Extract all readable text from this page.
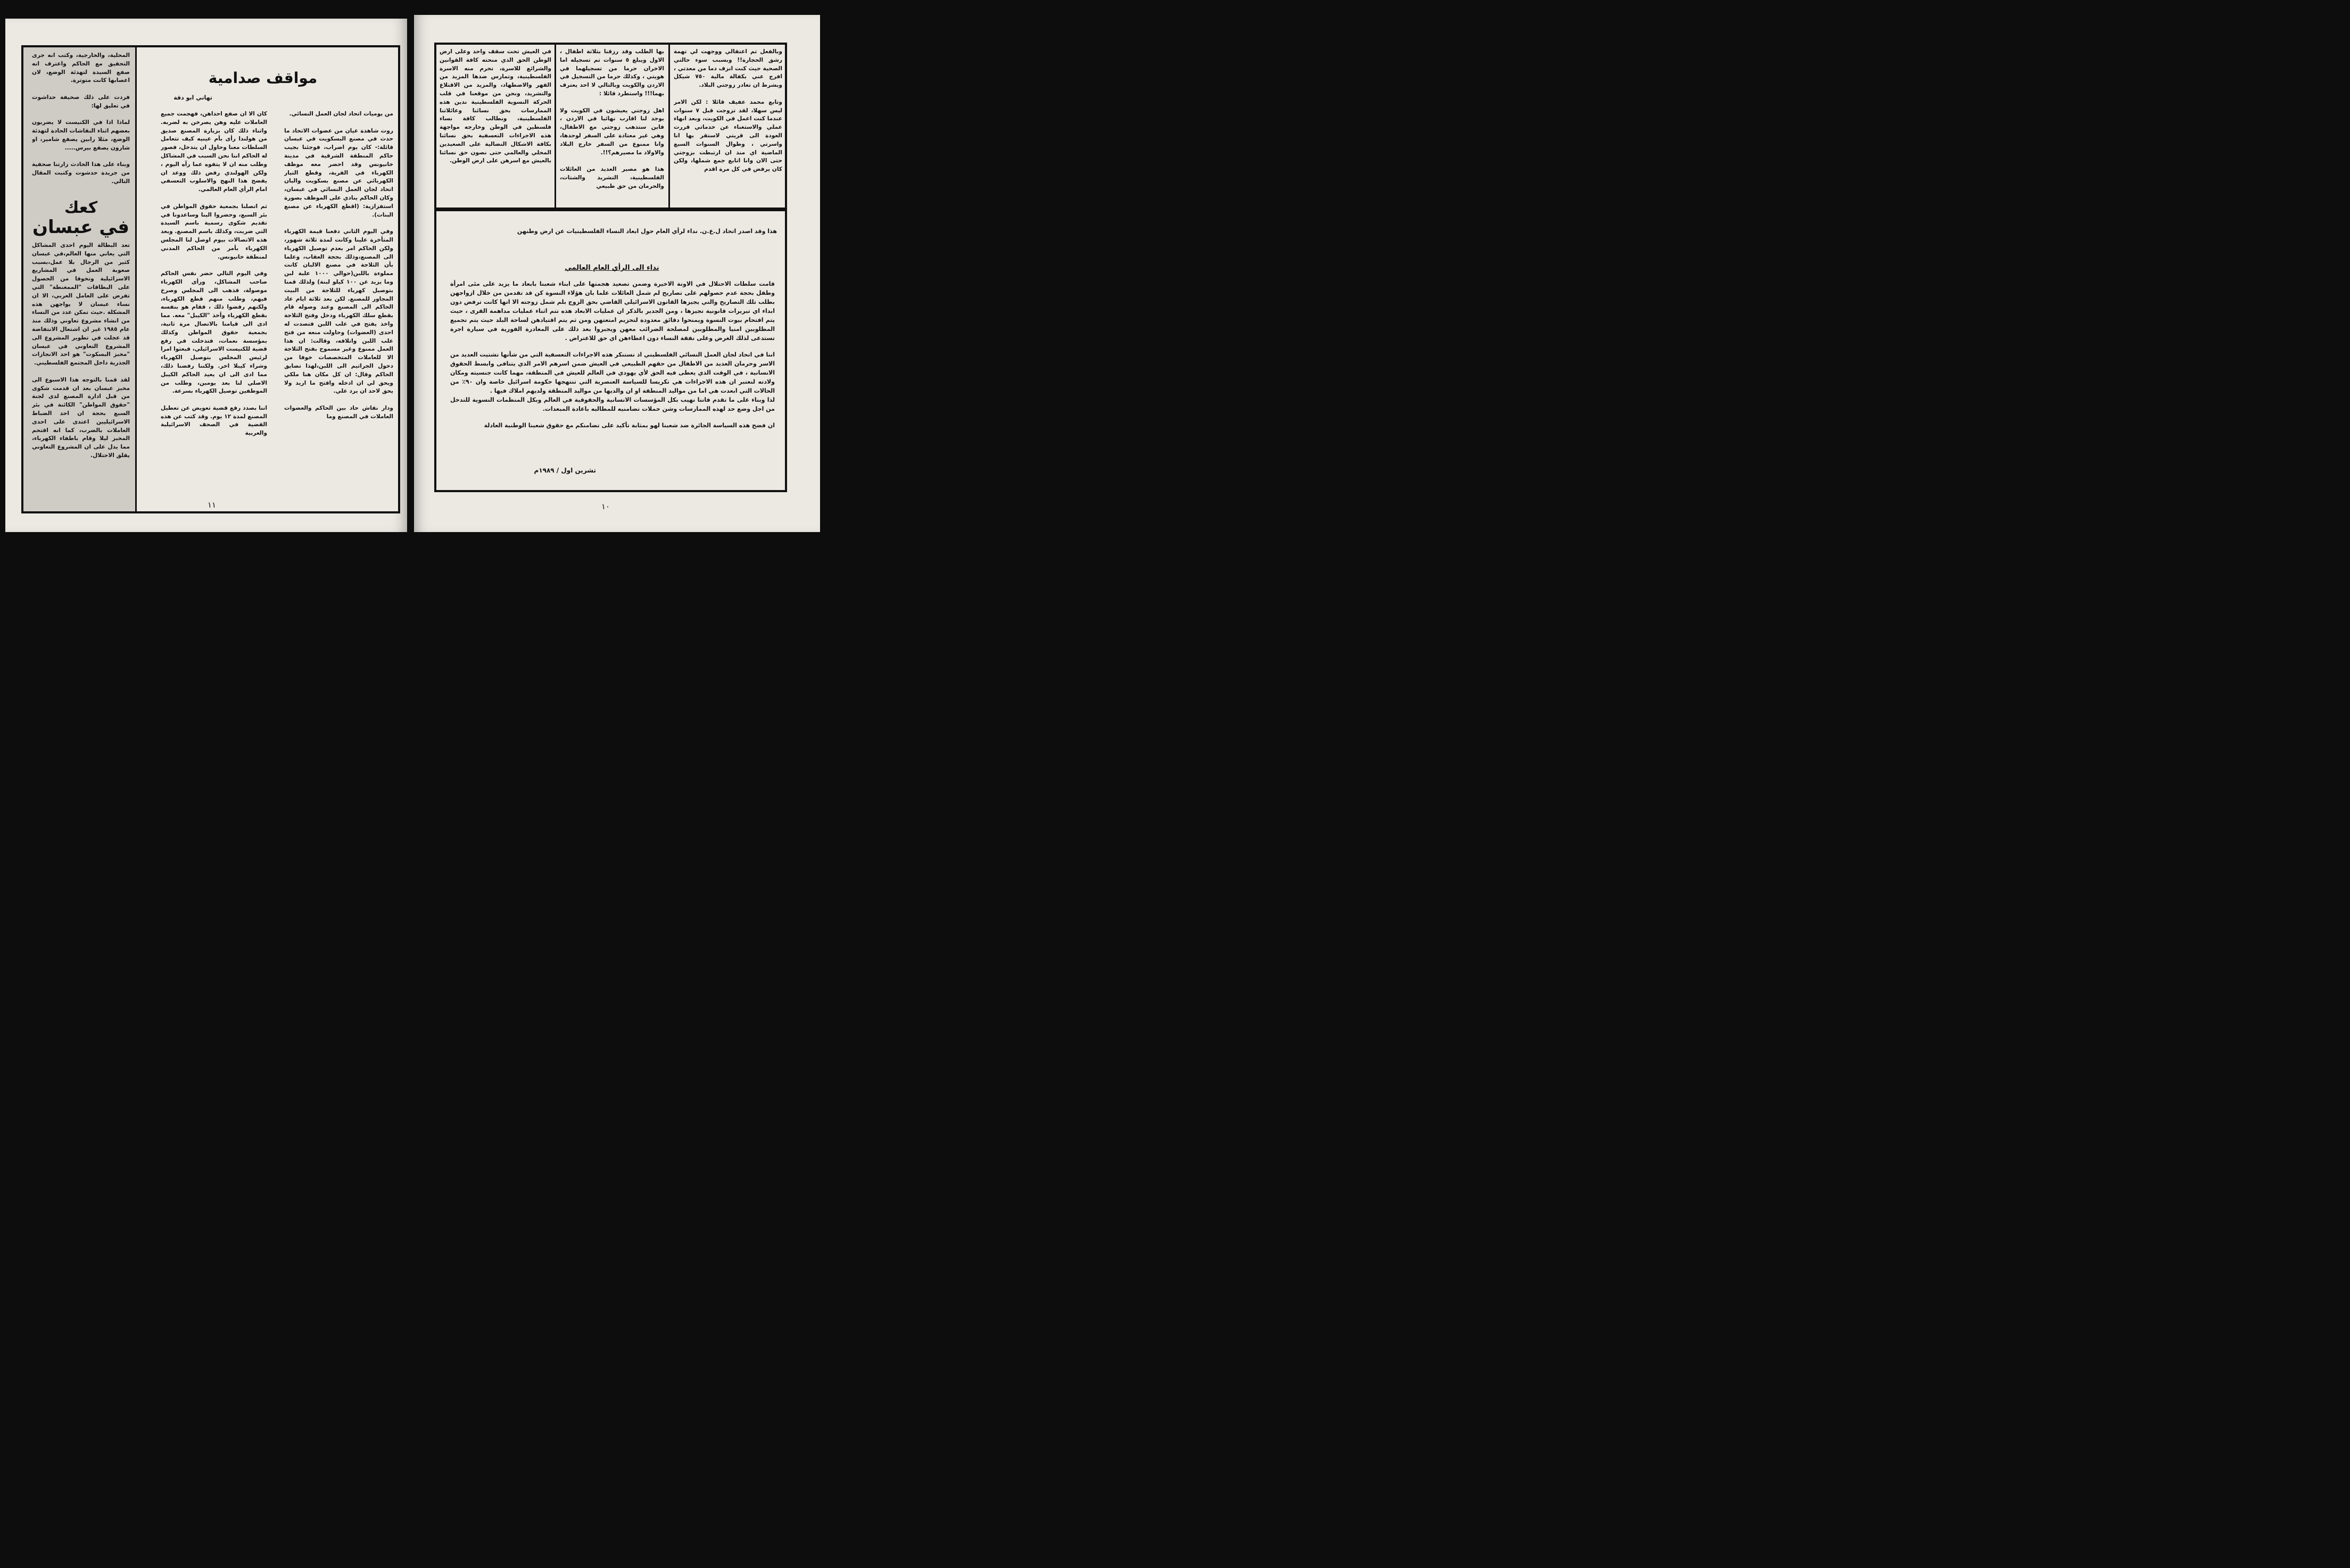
المحلية، والخارجية، وكتب انه جرى التحقيق مع الحاكم واعترف انه صفع السيدة لتهدئة الوضع، لان اعصابها كانت متوترة.

فردت على ذلك صحيفة حداشوت في تعليق لها:

لماذا اذا في الكنيست لا يضربون بعضهم اثناء النقاشات الحادة لتهدئة الوضع، مثلا رابين يصفع شامير، او شارون يصفع بيرس.....

وبناء على هذا الحادث زارتنا صحفية من جريدة حدشوت وكتبت المقال التالي.
كعك
في عبسان
تعد البطالة اليوم احدى المشاكل التي يعاني منها العالم،في عبسان كثير من الرجال بلا عمل،بسبب صعوبة العمل في المشاريع الاسرائيلية وتخوفا من الحصول على البطاقات "الممغنطة" التي تفرض على العامل العربي، الا ان نساء عبسان لا يواجهن هذه المشكلة .حيث تمكن عدد من النساء من انشاء مشروع تعاوني وذلك منذ عام ١٩٨٥ غير ان اشتعال الانتفاضة قد عجلت في تطوير المشروع الى المشروع التعاوني في عبسان "مخبز البسكوت" هو احد الانجازات الجذرية داخل المجتمع الفلسطيني.

لقد قمنا بالتوجه هذا الاسبوع الى مخبز عبسان بعد ان قدمت شكوى من قبل ادارة المصنع لدى لجنة "حقوق المواطن" الكائنة في بئر السبع بحجة ان احد الضباط الاسرائيليين اعتدى على احدى العاملات بالضرب، كما انه اقتحم المخبز ليلا وقام باطفاء الكهرباء، مما يدل على ان المشروع التعاوني يقلق الاحتلال.
مواقف صدامية
تهاني ابو دقة
كان الا ان صفع احداهن، فهجمت جميع العاملات عليه وهن يصرخن به لضربه. واثناء ذلك كان بزيارة المصنع صديق من هولندا رأى بأم عينيه كيف تتعامل السلطات معنا وحاول ان يتدخل، فصور له الحاكم اننا نحن السبب في المشاكل وطلب منه ان لا يتفوه عما رآه اليوم ، ولكن الهولندي رفض ذلك ووعد ان يفضح هذا النهج والاسلوب التعسفي امام الرأي العام العالمي.

ثم اتصلنا بجمعية حقوق المواطن في بئر السبع، وحضروا الينا وساعدونا في تقديم شكوى رسمية باسم السيدة التي ضربت، وكذلك باسم المصنع. وبعد هذه الاتصالات بيوم اوصل لنا المجلس الكهرباء بأمر من الحاكم المدني لمنطقة خانيونس.

وفي اليوم التالي حضر نفس الحاكم صاحب المشاكل، ورأى الكهرباء موصولة، فذهب الى المجلس وصرخ فيهم، وطلب منهم قطع الكهرباء، ولكنهم رفضوا ذلك ، فقام هو بنفسه بقطع الكهرباء وأخذ "الكيبل" معه. مما ادى الى قيامنا بالاتصال مرة ثانية، بجمعية حقوق المواطن وكذلك بمؤسسة نعمات، فتدخلت في رفع قضية للكنيست الاسرائيلي، فبعثوا امرا لرئيس المجلس بتوصيل الكهرباء وشراء كيبلا اخر. ولكننا رفضنا ذلك، مما ادى الى ان يعيد الحاكم الكيبل الاصلي لنا بعد يومين، وطلب من الموظفين توصيل الكهرباء بسرعة.

اننا بصدد رفع قضية تعويض عن تعطيل المصنع لمدة ١٢ يوم. وقد كتب عن هذه القضية في الصحف الاسرائيلية والعربية
من يوميات اتحاد لجان العمل النسائي.

روت شاهدة عيان من عضوات الاتحاد ما حدث في مصنع البسكويت في عبسان قائلة:- كان يوم اضراب، فوجئنا بجيب حاكم المنطقة الشرقية في مدينة خانيونس وقد احضر معه موظف الكهرباء في القرية، وقطع التيار الكهربائي عن مصنع بسكويت والبان اتحاد لجان العمل النسائي في عبسان، وكان الحاكم ينادي على الموظف بصورة استفزازية: (اقطع الكهرباء عن مصنع البنات).

وفي اليوم الثاني دفعنا قيمة الكهرباء المتأخرة علينا وكانت لمدة ثلاثة شهور، ولكن الحاكم امر بعدم توصيل الكهرباء الى المصنع،وذلك بحجة العقاب، وعلما بأن الثلاجة في مصنع الالبان كانت مملوءة باللبن(حوالي ١٠٠٠ علبة لبن وما يزيد عن ١٠٠ كيلو لبنة) ولذلك قمنا بتوصيل كهرباء للثلاجة من البيت المجاور للمصنع. لكن بعد ثلاثة ايام عاد الحاكم الى المصنع وعند وصوله قام بقطع سلك الكهرباء ودخل وفتح الثلاجة واخذ يفتح في علب اللبن فتصدت له احدى (العضوات) وحاولت منعه من فتح علب اللبن واتلافه، وقالت: ان هذا العمل ممنوع وغير مسموح بفتح الثلاجة الا للعاملات المتخصصات خوفا من دخول الجراثيم الى اللبن،لهذا تضايق الحاكم وقال: ان كل مكان هنا ملكي ويحق لي ان ادخله وافتح ما اريد ولا يحق لاحد ان يرد علي.

ودار نقاش حاد بين الحاكم والعضوات العاملات في المصنع وما
١١
في العيش تحت سقف واحد وعلى ارض الوطن الحق الذي منحته كافة القوانين والشرائع للاسرة، تحرم منه الاسرة الفلسطينية، وتمارس ضدها المزيد من القهر والاضطهاد، والمزيد من الاقتلاع والتشريد، ونحن من موقعنا في قلب الحركة النسوية الفلسطينية ندين هذه الممارسات بحق نسائنا وعائلاتنا الفلسطينية، ونطالب كافة نساء فلسطين في الوطن وخارجه مواجهة هذه الاجراءات التعسفية بحق نسائنا بكافة الاشكال النضالية على الصعيدين المحلي والعالمي حتى نصون حق نسائنا بالعيش مع اسرهن على ارض الوطن.
بها الطلب وقد رزقنا بثلاثة اطفال ، الاول ويبلغ ٥ سنوات تم تسجيله اما الاخران حرما من تسجيلهما في هويتي ، وكذلك حرما من التسجيل في الاردن والكويت وبالتالي لا احد يعترف بهما!!! واستطرد قائلا :

اهل زوجتي يعيشون في الكويت ولا يوجد لنا اقارب نهائيا في الاردن ، فاين ستذهب زوجتي مع الاطفال، وهي غير معتادة على السفر لوحدها، وانا ممنوع من السفر خارج البلاد والاولاد ما مصيرهم؟!!.

هذا هو مصير العديد من العائلات الفلسطينية، التشريد والشتات، والحرمان من حق طبيعي
وبالفعل تم اعتقالي ووجهت لي تهمة رشق الحجارة!! وبسبب سوء حالتي الصحية حيث كنت انزف دما من معدتي ، افرج عني بكفالة مالية ٧٥٠ شيكل وبشرط ان تغادر زوجتي البلاد.

وتابع محمد عفيف قائلا : لكن الامر ليس سهلا، لقد تزوجت قبل ٧ سنوات عندما كنت اعمل في الكويت، وبعد انهاء عملي والاستغناء عن خدماتي قررت العودة الى قريتي لاستقر بها انا واسرتي ، وطوال السنوات السبع الماضية اي منذ ان ارتبطت بزوجتي حتى الان وانا اتابع جمع شملها، ولكن كان يرفض في كل مرة اقدم
هذا وقد اصدر اتحاد ل.ع.ن. نداء لرأي العام حول ابعاد النساء الفلسطينيات عن ارض وطنهن
نداء الى الرأي العام العالمي

قامت سلطات الاحتلال في الاونة الاخيرة وضمن تصعيد هجمتها على ابناء شعبنا بابعاد ما يزيد على مئى امرأة وطفل بحجة عدم حصولهم على تصاريح لم شمل العائلات علما بان هؤلاء النسوة كن قد تقدمن من خلال ازواجهن بطلب تلك التصاريح والتي يجيزها القانون الاسرائيلي القاضي بحق الزوج بلم شمل زوجته الا انها كانت ترفض دون ابداء اي تبريرات قانونية تجيزها ، ومن الجدير بالذكر ان عمليات الابعاد هذه تتم اثناء عمليات مداهمة القرى ، حيث يتم اقتحام بيوت النسوة ويمنحوا دقائق معدودة لتحزيم امتعتهن ومن ثم يتم اقتيادهن لساحة البلد حيث يتم تجميع المطلوبين امنيا والمطلوبين لمصلحة الضرائب معهن ويجبروا بعد ذلك على المغادرة الفورية في سيارة اجرة تستدعى لذلك الغرض وعلى نفقة النساء دون اعطاءهن اي حق للاعتراض .

اننا في اتحاد لجان العمل النسائي الفلسطيني اذ نستنكر هذه الاجراءات التعسفية التي من شأنها تشتيت العديد من الاسر وحرمان العديد من الاطفال من حقهم الطبيعي في العيش ضمن اسرهم الامر الذي يتنافى وابسط الحقوق الانسانية ، في الوقت الذي يعطى فيه الحق لأي يهودي في العالم للعيش في المنطقة، مهما كانت جنسيته ومكان ولادته لنعتبر ان هذه الاجراءات هي تكريسا للسياسة العنصرية التي تنتهجها حكومة اسرائيل خاصة وان ٩٠٪ من الحالات التي ابعدت هي اما من مواليد المنطقة او ان والديها من مواليد المنطقة ولديهم املاك فيها .
لذا وبناء على ما تقدم فاننا نهيب بكل المؤسسات الانسانية والحقوقية في العالم وبكل المنظمات النسوية للتدخل من اجل وضع حد لهذه الممارسات وشن حملات تضامنيه للمطالبه باعادة المبعدات.

ان فضح هذه السياسة الجائرة ضد شعبنا لهو بمثابة تأكيد على تضامنكم مع حقوق شعبنا الوطنية العادلة

تشرين اول / ١٩٨٩م
١٠
